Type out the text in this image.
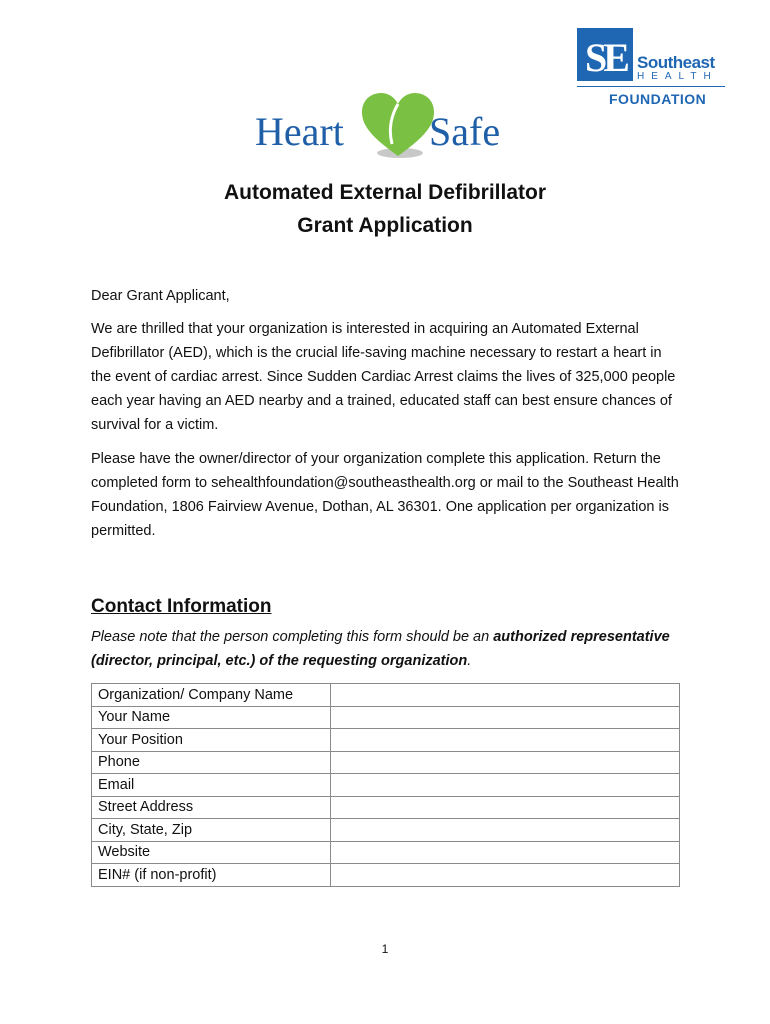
SE Southeast
HEALTH
FOUNDATION
Heart Safe
Automated External Defibrillator
Grant Application

Dear Grant Applicant,

We are thrilled that your organization is interested in acquiring an Automated External Defibrillator (AED), which is the crucial life-saving machine necessary to restart a heart in the event of cardiac arrest. Since Sudden Cardiac Arrest claims the lives of 325,000 people each year having an AED nearby and a trained, educated staff can best ensure chances of survival for a victim.

Please have the owner/director of your organization complete this application. Return the completed form to sehealthfoundation@southeasthealth.org or mail to the Southeast Health Foundation, 1806 Fairview Avenue, Dothan, AL 36301. One application per organization is permitted.

Contact Information
Please note that the person completing this form should be an authorized representative (director, principal, etc.) of the requesting organization.
Organization/ Company Name	
Your Name	
Your Position	
Phone	
Email	
Street Address	
City, State, Zip	
Website	
EIN# (if non-profit)	
1
